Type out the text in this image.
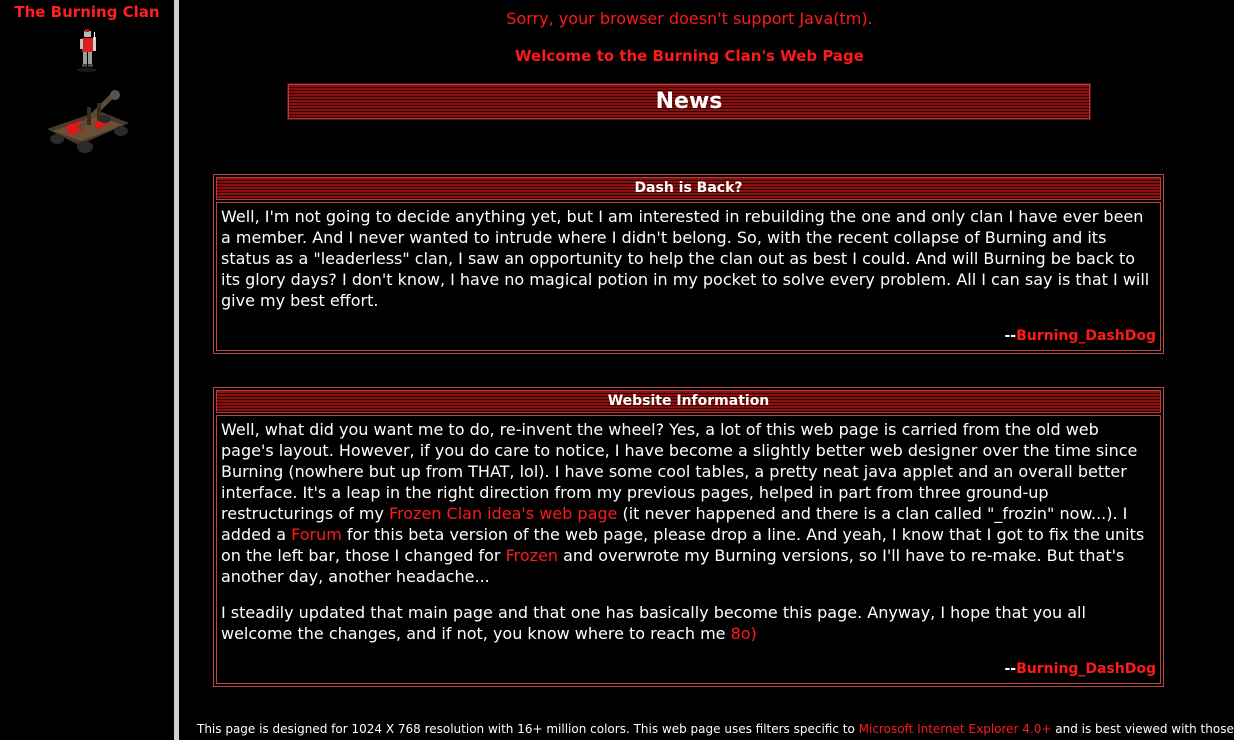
The Burning Clan	Sorry, your browser doesn't support Java(tm).
Welcome to the Burning Clan's Web Page
News
Dash is Back?

Well, I'm not going to decide anything yet, but I am interested in rebuilding the one and only clan I have ever been a member. And I never wanted to intrude where I didn't belong. So, with the recent collapse of Burning and its status as a "leaderless" clan, I saw an opportunity to help the clan out as best I could. And will Burning be back to its glory days? I don't know, I have no magical potion in my pocket to solve every problem. All I can say is that I will give my best effort.

--Burning_DashDog
Website Information

Well, what did you want me to do, re-invent the wheel? Yes, a lot of this web page is carried from the old web page's layout. However, if you do care to notice, I have become a slightly better web designer over the time since Burning (nowhere but up from THAT, lol). I have some cool tables, a pretty neat java applet and an overall better interface. It's a leap in the right direction from my previous pages, helped in part from three ground-up restructurings of my Frozen Clan idea's web page (it never happened and there is a clan called "_frozin" now...). I added a Forum for this beta version of the web page, please drop a line. And yeah, I know that I got to fix the units on the left bar, those I changed for Frozen and overwrote my Burning versions, so I'll have to re-make. But that's another day, another headache...

I steadily updated that main page and that one has basically become this page. Anyway, I hope that you all welcome the changes, and if not, you know where to reach me 8o)

--Burning_DashDog
This page is designed for 1024 X 768 resolution with 16+ million colors. This web page uses filters specific to Microsoft Internet Explorer 4.0+ and is best viewed with those
